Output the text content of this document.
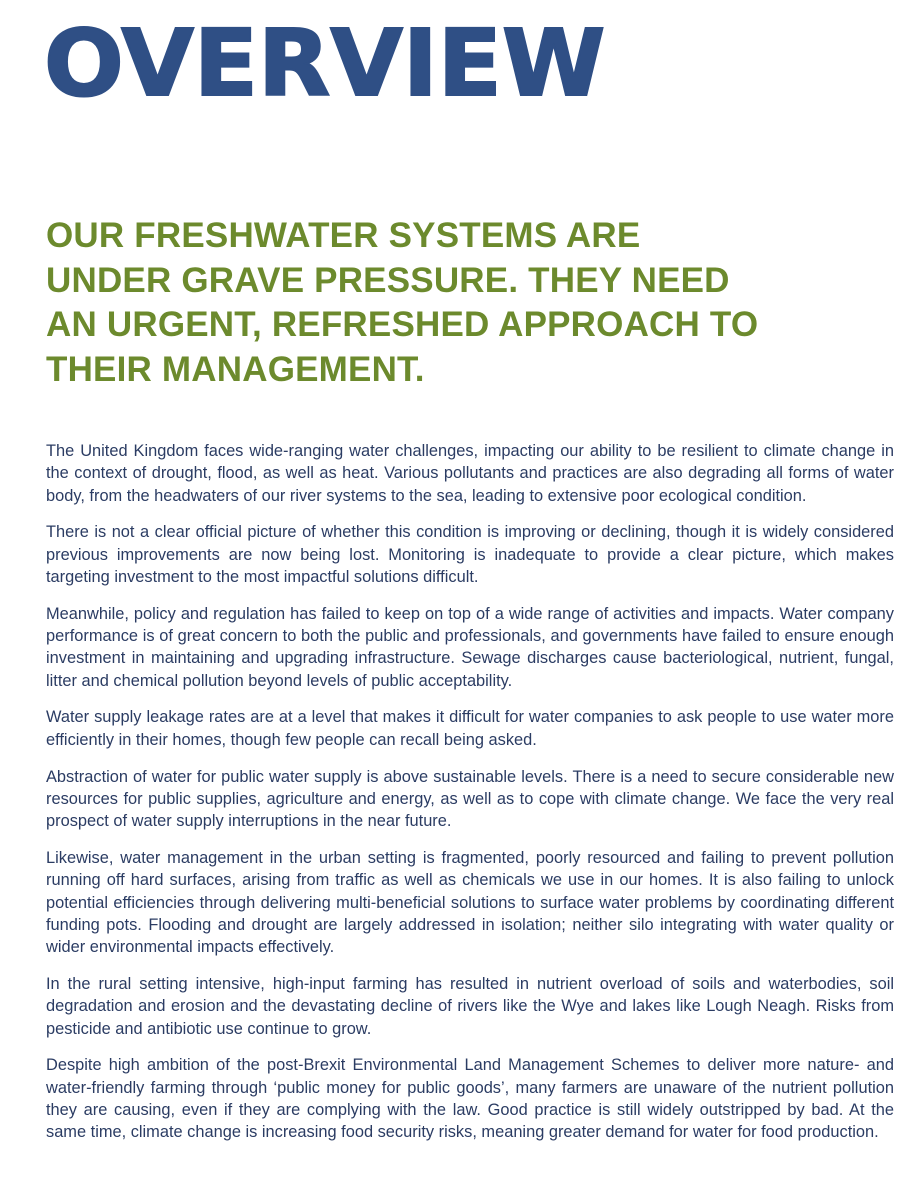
OVERVIEW
OUR FRESHWATER SYSTEMS ARE
UNDER GRAVE PRESSURE. THEY NEED
AN URGENT, REFRESHED APPROACH TO
THEIR MANAGEMENT.

The United Kingdom faces wide-ranging water challenges, impacting our ability to be resilient to climate change in the context of drought, flood, as well as heat. Various pollutants and practices are also degrading all forms of water body, from the headwaters of our river systems to the sea, leading to extensive poor ecological condition.

There is not a clear official picture of whether this condition is improving or declining, though it is widely considered previous improvements are now being lost. Monitoring is inadequate to provide a clear picture, which makes targeting investment to the most impactful solutions difficult.

Meanwhile, policy and regulation has failed to keep on top of a wide range of activities and impacts. Water company performance is of great concern to both the public and professionals, and governments have failed to ensure enough investment in maintaining and upgrading infrastructure. Sewage discharges cause bacteriological, nutrient, fungal, litter and chemical pollution beyond levels of public acceptability.

Water supply leakage rates are at a level that makes it difficult for water companies to ask people to use water more efficiently in their homes, though few people can recall being asked.

Abstraction of water for public water supply is above sustainable levels. There is a need to secure considerable new resources for public supplies, agriculture and energy, as well as to cope with climate change. We face the very real prospect of water supply interruptions in the near future.

Likewise, water management in the urban setting is fragmented, poorly resourced and failing to prevent pollution running off hard surfaces, arising from traffic as well as chemicals we use in our homes. It is also failing to unlock potential efficiencies through delivering multi-beneficial solutions to surface water problems by coordinating different funding pots. Flooding and drought are largely addressed in isolation; neither silo integrating with water quality or wider environmental impacts effectively.

In the rural setting intensive, high-input farming has resulted in nutrient overload of soils and waterbodies, soil degradation and erosion and the devastating decline of rivers like the Wye and lakes like Lough Neagh. Risks from pesticide and antibiotic use continue to grow.

Despite high ambition of the post-Brexit Environmental Land Management Schemes to deliver more nature- and water-friendly farming through ‘public money for public goods’, many farmers are unaware of the nutrient pollution they are causing, even if they are complying with the law. Good practice is still widely outstripped by bad. At the same time, climate change is increasing food security risks, meaning greater demand for water for food production.
